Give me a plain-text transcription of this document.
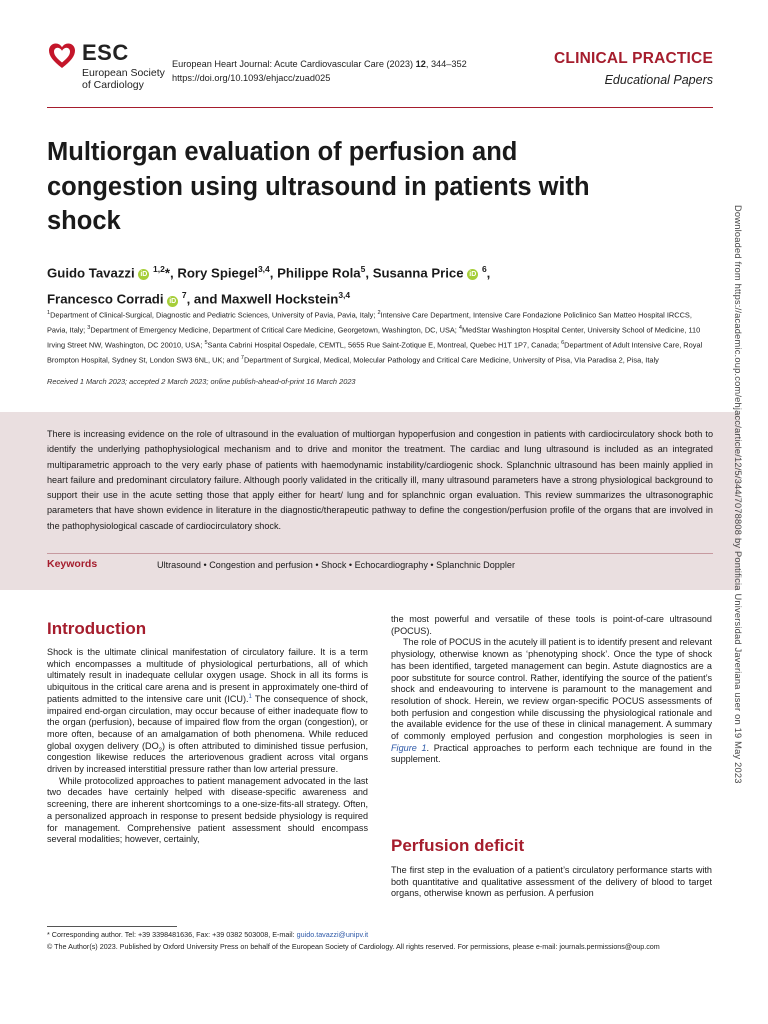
ESC
European Society
of Cardiology
European Heart Journal: Acute Cardiovascular Care (2023) 12, 344–352
https://doi.org/10.1093/ehjacc/zuad025
CLINICAL PRACTICE
Educational Papers
Multiorgan evaluation of perfusion and congestion using ultrasound in patients with shock
Guido Tavazzi iD $^{1,2}$*, Rory Spiegel$^{3,4}$, Philippe Rola$^5$, Susanna Price iD $^6$,
Francesco Corradi iD $^7$, and Maxwell Hockstein$^{3,4}$
$^1$Department of Clinical-Surgical, Diagnostic and Pediatric Sciences, University of Pavia, Pavia, Italy; $^2$Intensive Care Department, Intensive Care Fondazione Policlinico San Matteo Hospital IRCCS, Pavia, Italy; $^3$Department of Emergency Medicine, Department of Critical Care Medicine, Georgetown, Washington, DC, USA; $^4$MedStar Washington Hospital Center, University School of Medicine, 110 Irving Street NW, Washington, DC 20010, USA; $^5$Santa Cabrini Hospital Ospedale, CEMTL, 5655 Rue Saint-Zotique E, Montreal, Quebec H1T 1P7, Canada; $^6$Department of Adult Intensive Care, Royal Brompton Hospital, Sydney St, London SW3 6NL, UK; and $^7$Department of Surgical, Medical, Molecular Pathology and Critical Care Medicine, University of Pisa, VIa Paradisa 2, Pisa, Italy
Received 1 March 2023; accepted 2 March 2023; online publish-ahead-of-print 16 March 2023
There is increasing evidence on the role of ultrasound in the evaluation of multiorgan hypoperfusion and congestion in patients with cardiocirculatory shock both to identify the underlying pathophysiological mechanism and to drive and monitor the treatment. The cardiac and lung ultrasound is included as an integrated multiparametric approach to the very early phase of patients with haemodynamic instability/cardiogenic shock. Splanchnic ultrasound has been mainly applied in heart failure and predominant circulatory failure. Although poorly validated in the critically ill, many ultrasound parameters have a strong physiological background to support their use in the acute setting those that apply either for heart/ lung and for splanchnic organ evaluation. This review summarizes the ultrasonographic parameters that have shown evidence in literature in the diagnostic/therapeutic pathway to define the congestion/perfusion profile of the organs that are involved in the pathophysiological cascade of cardiocirculatory shock.
Keywords	Ultrasound • Congestion and perfusion • Shock • Echocardiography • Splanchnic Doppler
Introduction

Shock is the ultimate clinical manifestation of circulatory failure. It is a term which encompasses a multitude of physiological perturbations, all of which ultimately result in inadequate cellular oxygen usage. Shock in all its forms is ubiquitous in the critical care arena and is present in approximately one-third of patients admitted to the intensive care unit (ICU).$^1$ The consequence of shock, impaired end-organ circulation, may occur because of either inadequate flow to the organ (perfusion), because of impaired flow from the organ (congestion), or more often, because of an amalgamation of both phenomena. While reduced global oxygen delivery $(DO_2)$ is often attributed to diminished tissue perfusion, congestion likewise reduces the arteriovenous gradient across vital organs driven by increased interstitial pressure rather than low arterial pressure.

While protocolized approaches to patient management advocated in the last two decades have certainly helped with disease-specific awareness and screening, there are inherent shortcomings to a one-size-fits-all strategy. Often, a personalized approach in response to present bedside physiology is required for management. Comprehensive patient assessment should encompass several modalities; however, certainly,

the most powerful and versatile of these tools is point-of-care ultrasound (POCUS).

The role of POCUS in the acutely ill patient is to identify present and relevant physiology, otherwise known as ‘phenotyping shock’. Once the type of shock has been identified, targeted management can begin. Astute diagnostics are a poor substitute for source control. Rather, identifying the source of the patient’s shock and endeavouring to intervene is paramount to the management and resolution of shock. Herein, we review organ-specific POCUS assessments of both perfusion and congestion while discussing the physiological rationale and the available evidence for the use of these in clinical management. A summary of commonly employed perfusion and congestion morphologies is seen in Figure 1. Practical approaches to perform each technique are found in the supplement.

Perfusion deficit

The first step in the evaluation of a patient’s circulatory performance starts with both quantitative and qualitative assessment of the delivery of blood to target organs, otherwise known as perfusion. A perfusion

* Corresponding author. Tel: +39 3398481636, Fax: +39 0382 503008, E-mail: guido.tavazzi@unipv.it
© The Author(s) 2023. Published by Oxford University Press on behalf of the European Society of Cardiology. All rights reserved. For permissions, please e-mail: journals.permissions@oup.com
Downloaded from https://academic.oup.com/ehjacc/article/12/5/344/7078808 by Pontificia Universidad Javeriana user on 19 May 2023
